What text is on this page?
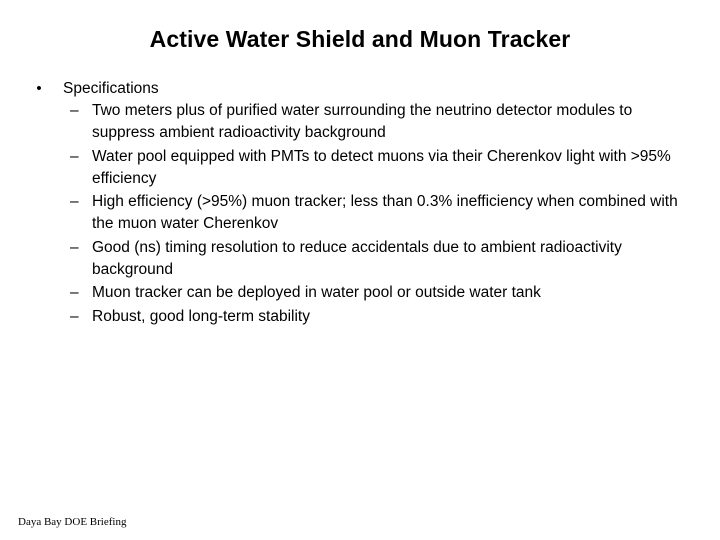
Active Water Shield and Muon Tracker
• Specifications
– Two meters plus of purified water surrounding the neutrino detector modules to suppress ambient radioactivity background
– Water pool equipped with PMTs to detect muons via their Cherenkov light with >95% efficiency
– High efficiency (>95%) muon tracker; less than 0.3% inefficiency when combined with the muon water Cherenkov
– Good (ns) timing resolution to reduce accidentals due to ambient radioactivity background
– Muon tracker can be deployed in water pool or outside water tank
– Robust, good long-term stability
Daya Bay DOE Briefing
